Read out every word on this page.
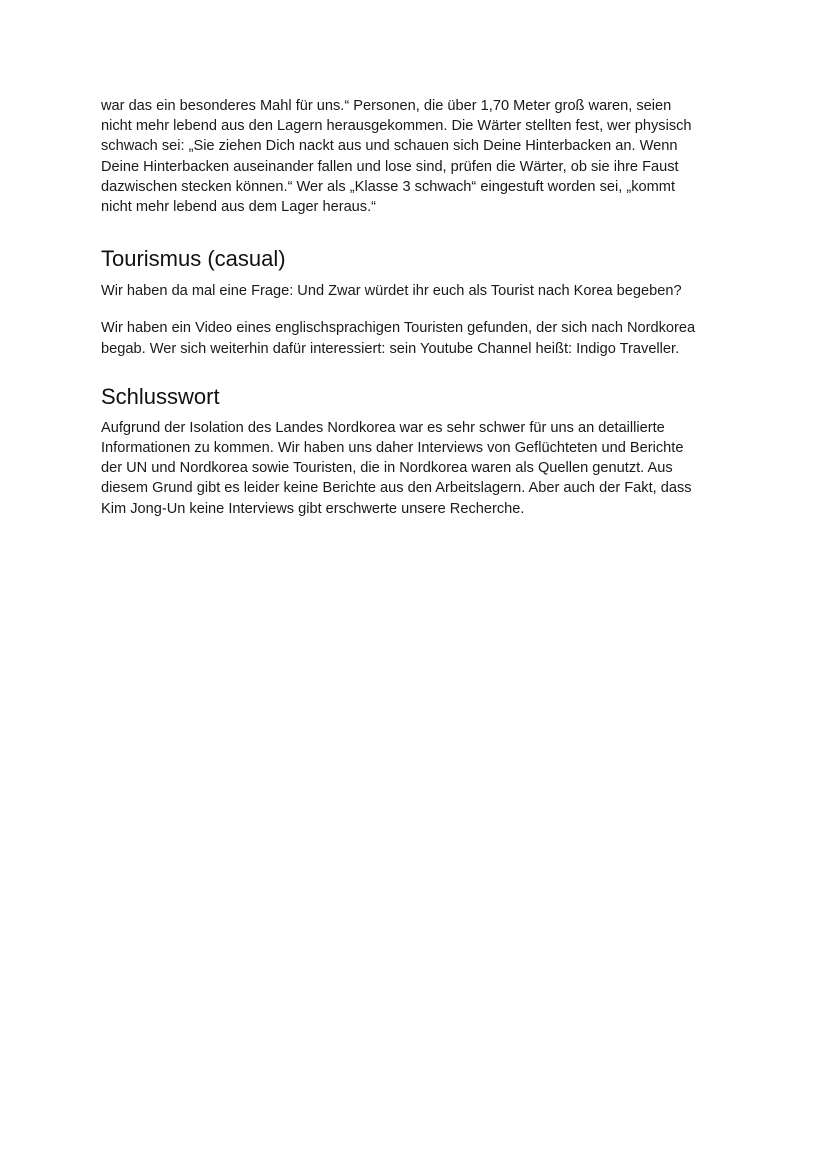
war das ein besonderes Mahl für uns.“ Personen, die über 1,70 Meter groß waren, seien
nicht mehr lebend aus den Lagern herausgekommen. Die Wärter stellten fest, wer physisch
schwach sei: „Sie ziehen Dich nackt aus und schauen sich Deine Hinterbacken an. Wenn
Deine Hinterbacken auseinander fallen und lose sind, prüfen die Wärter, ob sie ihre Faust
dazwischen stecken können.“ Wer als „Klasse 3 schwach“ eingestuft worden sei, „kommt
nicht mehr lebend aus dem Lager heraus.“

Tourismus (casual)

Wir haben da mal eine Frage: Und Zwar würdet ihr euch als Tourist nach Korea begeben?

Wir haben ein Video eines englischsprachigen Touristen gefunden, der sich nach Nordkorea
begab. Wer sich weiterhin dafür interessiert: sein Youtube Channel heißt: Indigo Traveller.

Schlusswort

Aufgrund der Isolation des Landes Nordkorea war es sehr schwer für uns an detaillierte
Informationen zu kommen. Wir haben uns daher Interviews von Geflüchteten und Berichte
der UN und Nordkorea sowie Touristen, die in Nordkorea waren als Quellen genutzt. Aus
diesem Grund gibt es leider keine Berichte aus den Arbeitslagern. Aber auch der Fakt, dass
Kim Jong-Un keine Interviews gibt erschwerte unsere Recherche.
